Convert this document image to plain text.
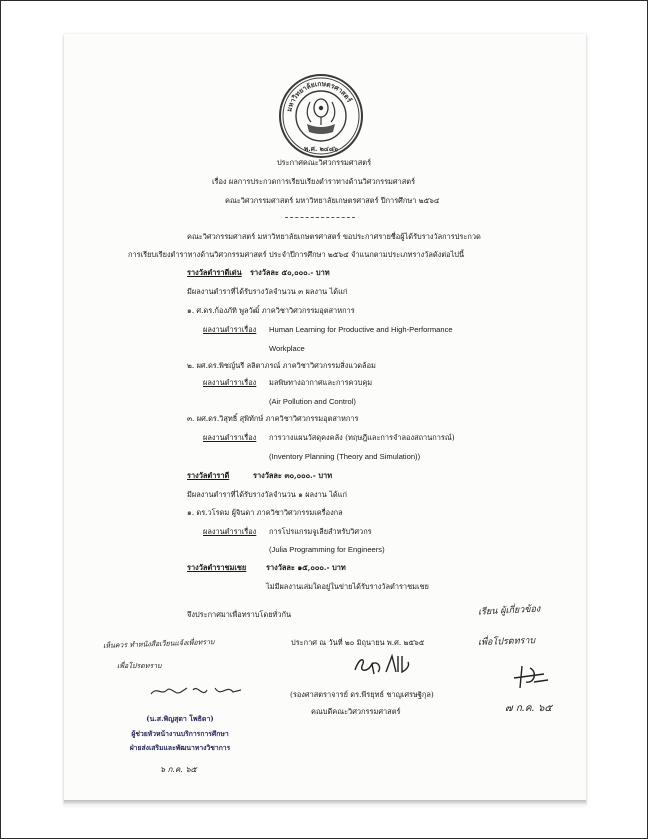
มหาวิทยาลัยเกษตรศาสตร์
พ.ศ. ๒๔๘๖
ประกาศคณะวิศวกรรมศาสตร์
เรื่อง ผลการประกวดการเรียบเรียงตำราทางด้านวิศวกรรมศาสตร์
คณะวิศวกรรมศาสตร์ มหาวิทยาลัยเกษตรศาสตร์ ปีการศึกษา ๒๕๖๔
คณะวิศวกรรมศาสตร์ มหาวิทยาลัยเกษตรศาสตร์ ขอประกาศรายชื่อผู้ได้รับรางวัลการประกวด
การเรียบเรียงตำราทางด้านวิศวกรรมศาสตร์ ประจำปีการศึกษา ๒๕๖๔ จำแนกตามประเภทรางวัลดังต่อไปนี้
รางวัลตำราดีเด่น รางวัลละ ๕๐,๐๐๐.- บาท
มีผลงานตำราที่ได้รับรางวัลจำนวน ๓ ผลงาน ได้แก่
๑. ศ.ดร.ก้องภัทิ พูลวัฒิ์ ภาควิชาวิศวกรรมอุตสาหการ
ผลงานตำราเรื่อง Human Learning for Productive and High-Performance
Workplace
๒. ผศ.ดร.พิชญ์นรี ลลิตาภรณ์ ภาควิชาวิศวกรรมสิ่งแวดล้อม
ผลงานตำราเรื่อง มลพิษทางอากาศและการควบคุม
(Air Pollution and Control)
๓. ผศ.ดร.วิสุทธิ์ สุพิทักษ์ ภาควิชาวิศวกรรมอุตสาหการ
ผลงานตำราเรื่อง การวางแผนวัสดุคงคลัง (ทฤษฎีและการจำลองสถานการณ์)
(Inventory Planning (Theory and Simulation))
รางวัลตำราดี	รางวัลละ ๓๐,๐๐๐.- บาท
มีผลงานตำราที่ได้รับรางวัลจำนวน ๑ ผลงาน ได้แก่
๑. ดร.วโรดม ผู้จินดา ภาควิชาวิศวกรรมเครื่องกล
ผลงานตำราเรื่อง การโปรแกรมจูเลียสำหรับวิศวกร
(Julia Programming for Engineers)
รางวัลตำราชมเชย	รางวัลละ ๑๕,๐๐๐.- บาท
ไม่มีผลงานเล่มใดอยู่ในข่ายได้รับรางวัลตำราชมเชย
จึงประกาศมาเพื่อทราบโดยทั่วกัน
ประกาศ ณ วันที่ ๒๐ มิถุนายน พ.ศ. ๒๕๖๕
(รองศาสตราจารย์ ดร.พีรยุทธ์ ชาญเศรษฐิกุล)
คณบดีคณะวิศวกรรมศาสตร์
เห็นควร ทำหนังสือเวียนแจ้งเพื่อทราบ
เพื่อโปรดทราบ
(น.ส.พิญสุดา โพธิดา)
ผู้ช่วยหัวหน้างานบริการการศึกษา
ฝ่ายส่งเสริมและพัฒนาทางวิชาการ
๖ ก.ค. ๖๕
เรียน ผู้เกี่ยวข้อง
เพื่อโปรดทราบ
๗ ก.ค. ๖๕
